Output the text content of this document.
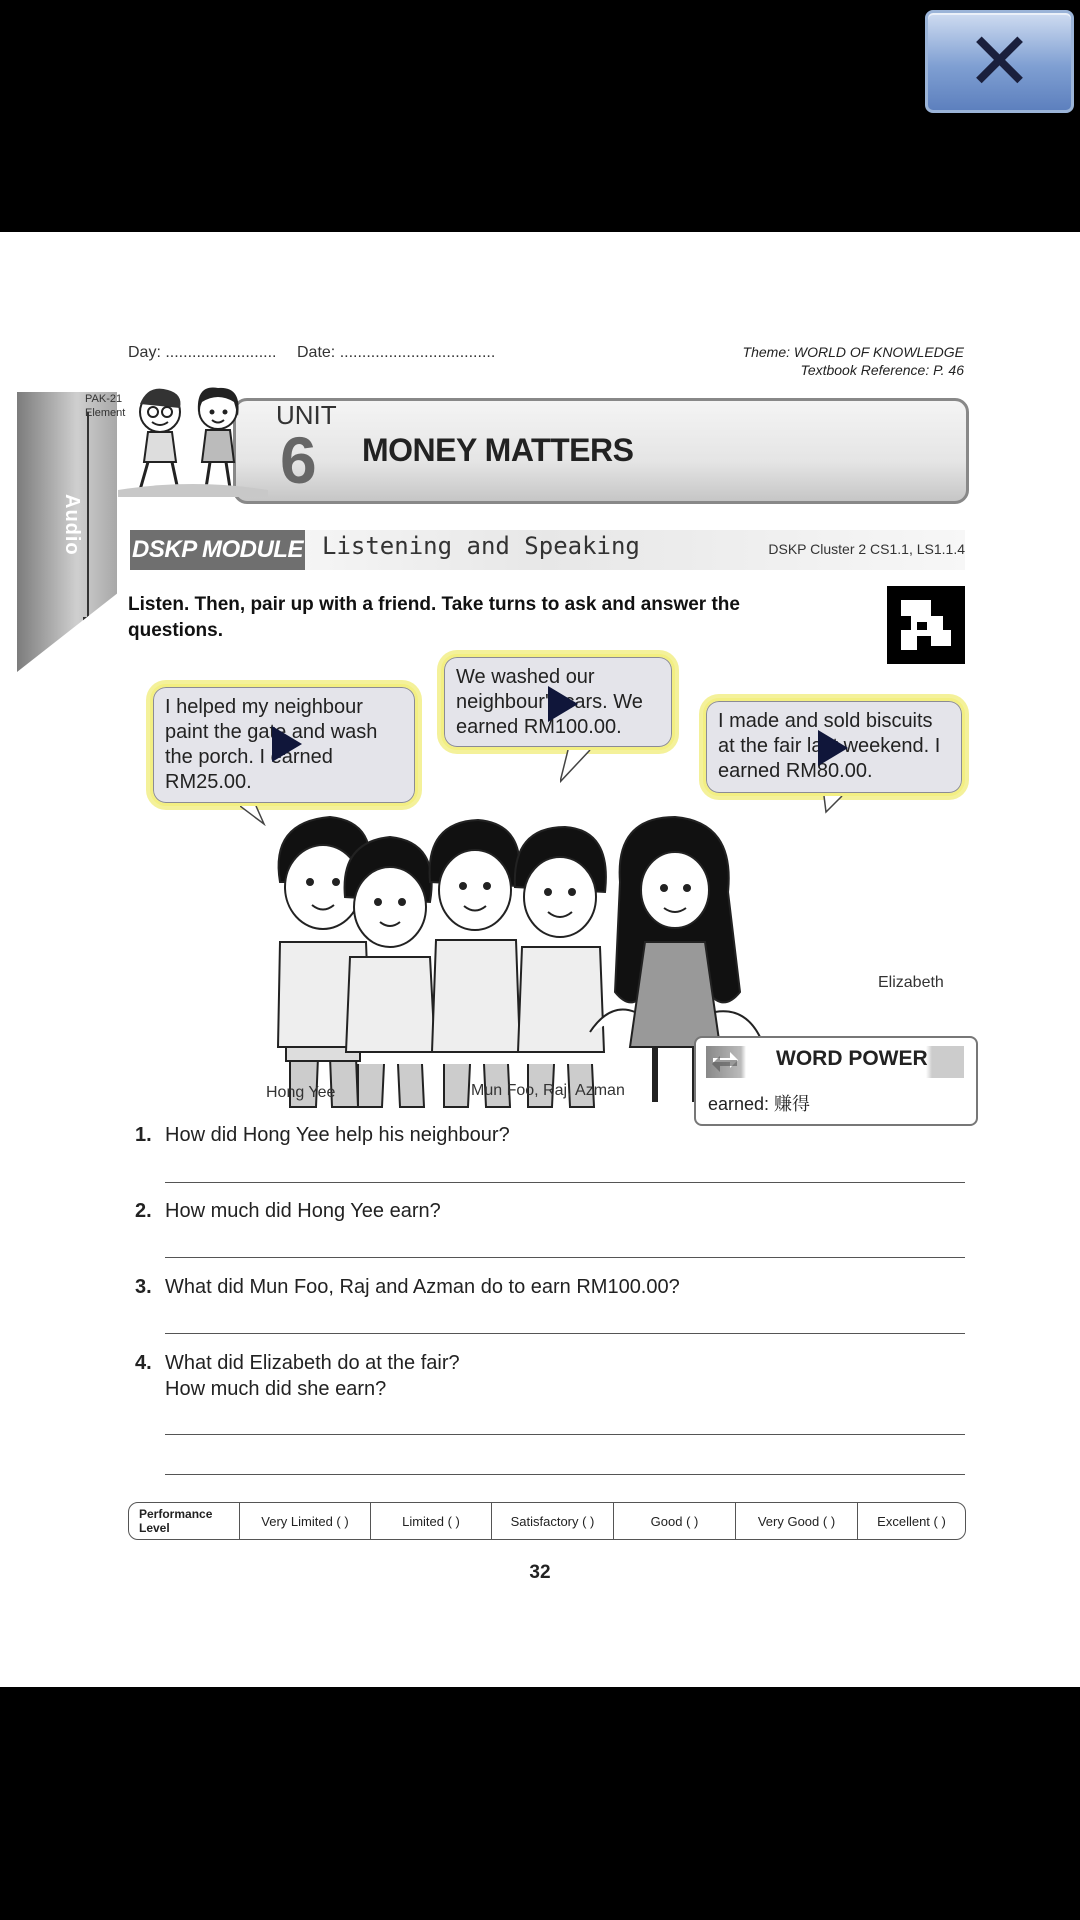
✕
Day: ......................... Date: ...................................	Theme: WORLD OF KNOWLEDGE
Textbook Reference: P. 46
PAK-21
Element
Audio
UNIT
6 MONEY MATTERS
DSKP MODULE Listening and Speaking	DSKP Cluster 2 CS1.1, LS1.1.4
Listen. Then, pair up with a friend. Take turns to ask and answer the questions.
I helped my neighbour paint the gate and wash the porch. I earned RM25.00.
We washed our neighbour's cars. We earned RM100.00.	I made and sold biscuits at the fair last weekend. I earned RM80.00.
Hong Yee	Mun Foo, Raj, Azman
Elizabeth
WORD POWER
earned: 赚得
1. How did Hong Yee help his neighbour?
2. How much did Hong Yee earn?
3. What did Mun Foo, Raj and Azman do to earn RM100.00?
4. What did Elizabeth do at the fair?
How much did she earn?
Performance Level	Very Limited ( )	Limited ( )	Satisfactory ( )	Good ( )	Very Good ( )	Excellent ( )
32
